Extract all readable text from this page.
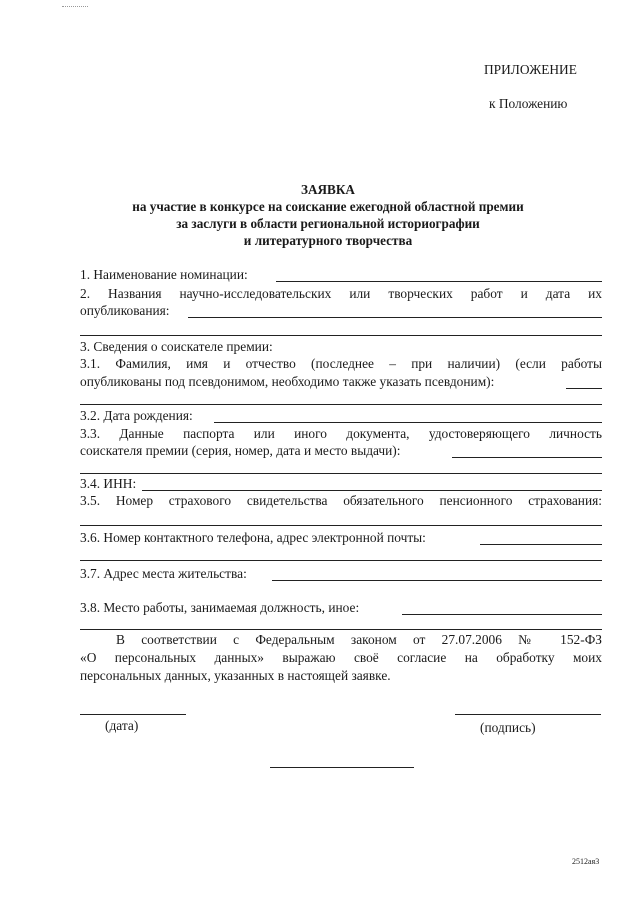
ПРИЛОЖЕНИЕ
к Положению
ЗАЯВКА
на участие в конкурсе на соискание ежегодной областной премии
за заслуги в области региональной историографии
и литературного творчества
1. Наименование номинации:
2. Названия научно-исследовательских или творческих работ и дата их
опубликования:
3. Сведения о соискателе премии:
3.1. Фамилия, имя и отчество (последнее – при наличии) (если работы
опубликованы под псевдонимом, необходимо также указать псевдоним):
3.2. Дата рождения:
3.3. Данные паспорта или иного документа, удостоверяющего личность
соискателя премии (серия, номер, дата и место выдачи):
3.4. ИНН:
3.5. Номер страхового свидетельства обязательного пенсионного страхования:
3.6. Номер контактного телефона, адрес электронной почты:
3.7. Адрес места жительства:
3.8. Место работы, занимаемая должность, иное:
В соответствии с Федеральным законом от 27.07.2006 № 152-ФЗ
«О персональных данных» выражаю своё согласие на обработку моих
персональных данных, указанных в настоящей заявке.
(дата)	(подпись)
2512ая3
